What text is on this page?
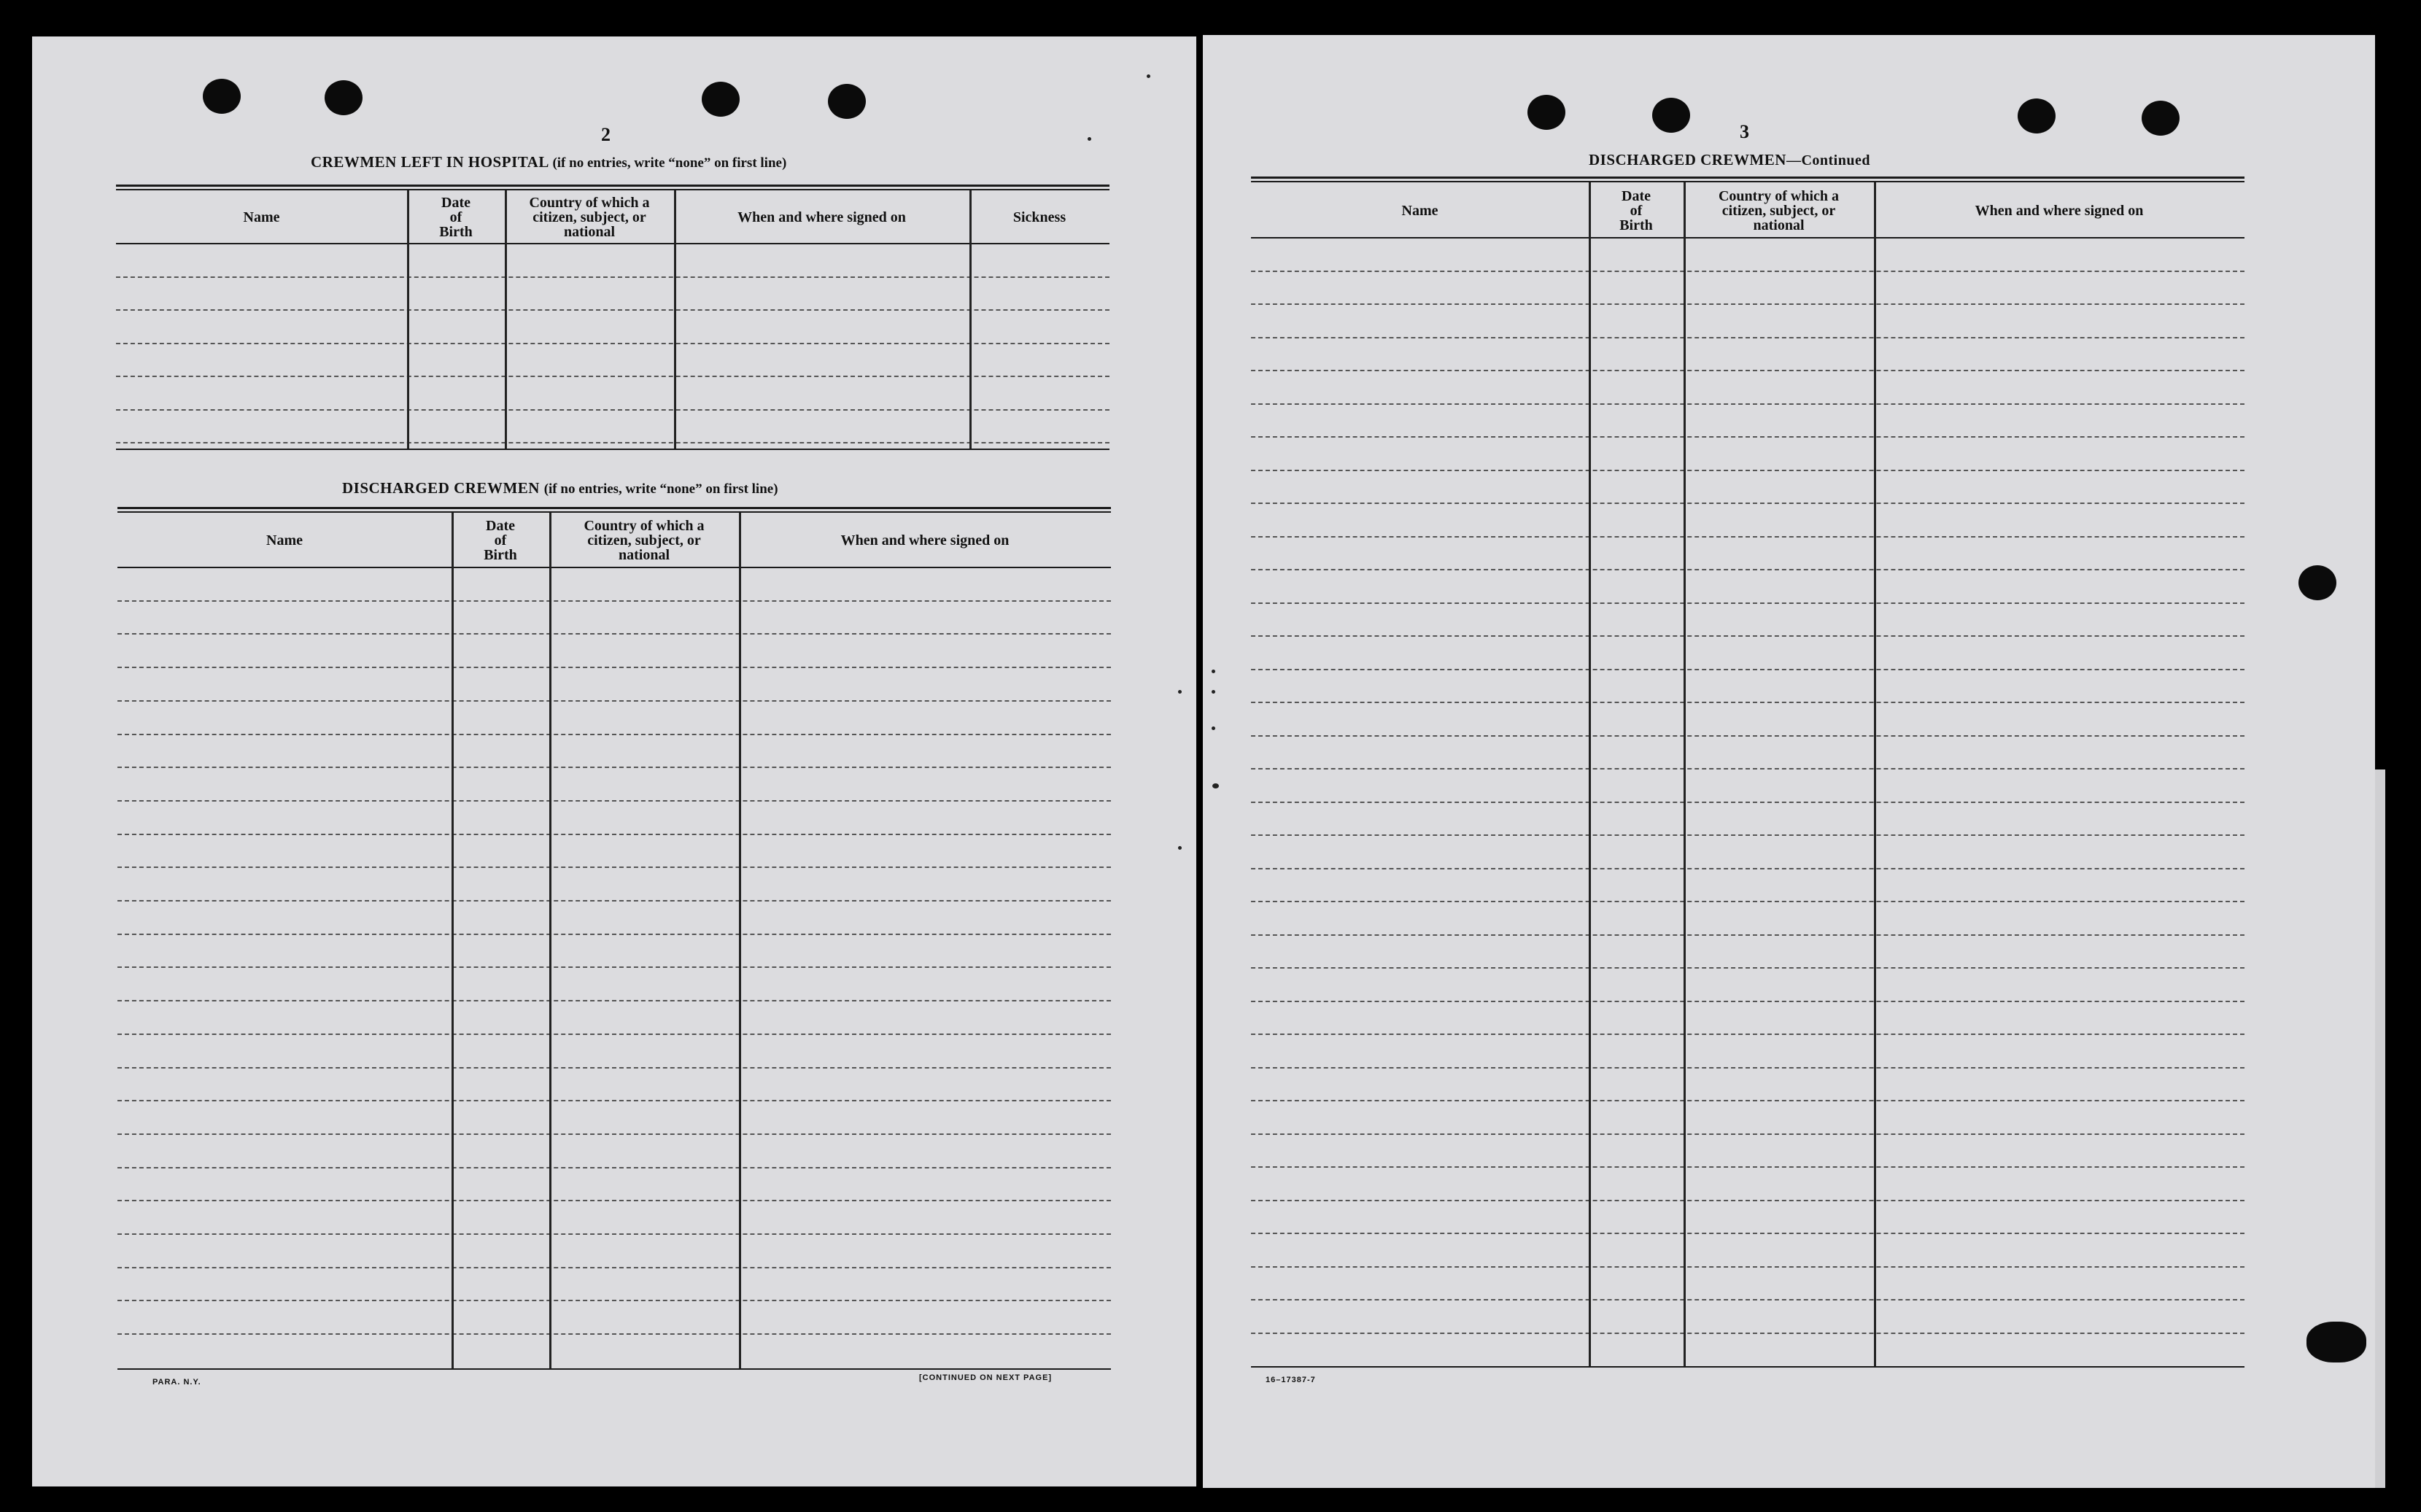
2
CREWMEN LEFT IN HOSPITAL (if no entries, write “none” on first line)
Name
Date
of
Birth
Country of which a
citizen, subject, or
national
When and where signed on	Sickness
DISCHARGED CREWMEN (if no entries, write “none” on first line)
Name
Date
of
Birth
Country of which a
citizen, subject, or
national
When and where signed on
PARA. N.Y.	[CONTINUED ON NEXT PAGE]
3
DISCHARGED CREWMEN—Continued
Name
Date
of
Birth
Country of which a
citizen, subject, or
national
When and where signed on
16–17387-7
